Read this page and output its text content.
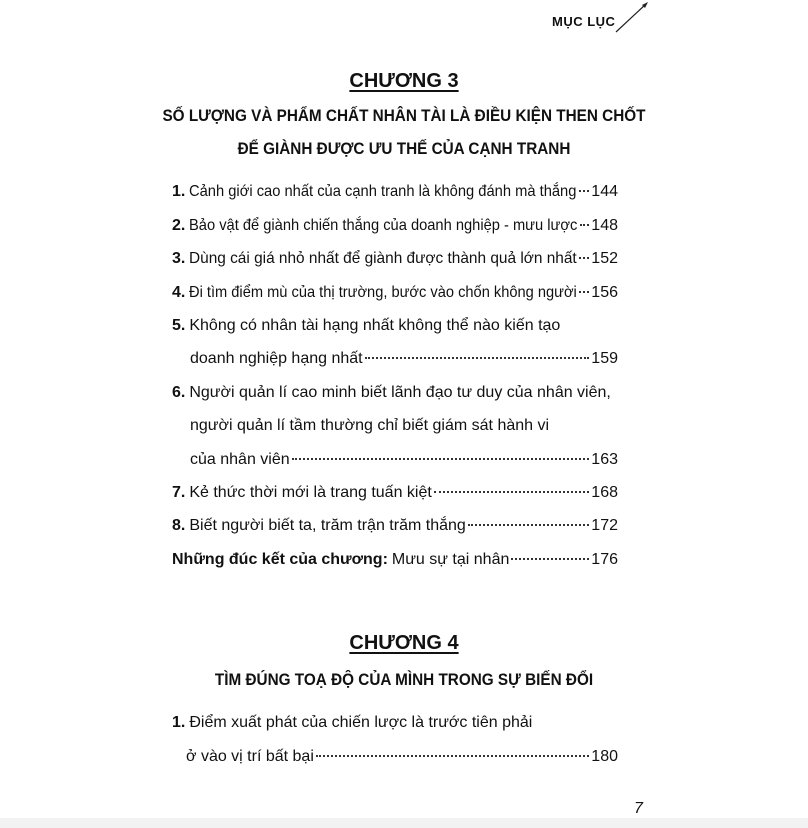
MỤC LỤC
CHƯƠNG 3
SỐ LƯỢNG VÀ PHẨM CHẤT NHÂN TÀI LÀ ĐIỀU KIỆN THEN CHỐT
ĐỂ GIÀNH ĐƯỢC ƯU THẾ CỦA CẠNH TRANH
1. Cảnh giới cao nhất của cạnh tranh là không đánh mà thắng 144
2. Bảo vật để giành chiến thắng của doanh nghiệp - mưu lược 148
3. Dùng cái giá nhỏ nhất để giành được thành quả lớn nhất 152
4. Đi tìm điểm mù của thị trường, bước vào chốn không người 156
5. Không có nhân tài hạng nhất không thể nào kiến tạo
doanh nghiệp hạng nhất	159
6. Người quản lí cao minh biết lãnh đạo tư duy của nhân viên,
người quản lí tầm thường chỉ biết giám sát hành vi
của nhân viên	163
7. Kẻ thức thời mới là trang tuấn kiệt	168
8. Biết người biết ta, trăm trận trăm thắng	172
Những đúc kết của chương: Mưu sự tại nhân	176
CHƯƠNG 4
TÌM ĐÚNG TOẠ ĐỘ CỦA MÌNH TRONG SỰ BIẾN ĐỔI
1. Điểm xuất phát của chiến lược là trước tiên phải
ở vào vị trí bất bại	180
7
